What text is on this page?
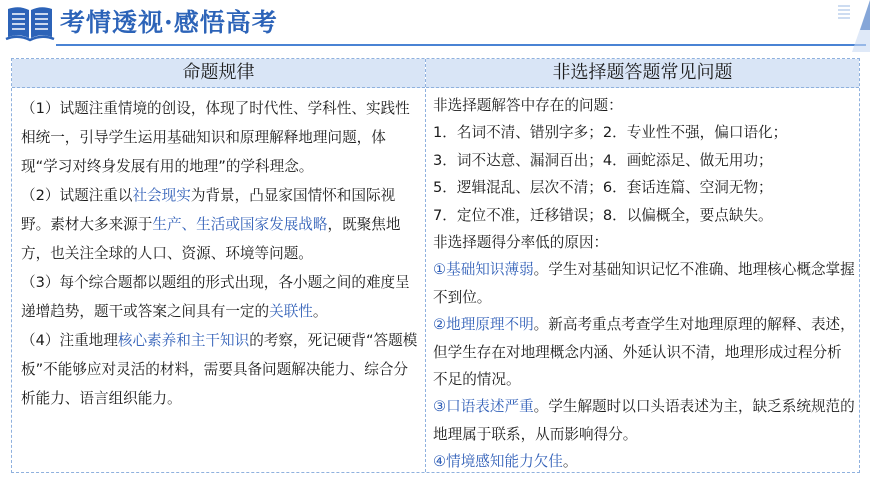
考情透视·感悟高考
命题规律	非选择题答题常见问题

（1）试题注重情境的创设，体现了时代性、学科性、实践性相统一，引导学生运用基础知识和原理解释地理问题，体现“学习对终身发展有用的地理”的学科理念。

（2）试题注重以社会现实为背景，凸显家国情怀和国际视野。素材大多来源于生产、生活或国家发展战略，既聚焦地方，也关注全球的人口、资源、环境等问题。

（3）每个综合题都以题组的形式出现，各小题之间的难度呈递增趋势，题干或答案之间具有一定的关联性。

（4）注重地理核心素养和主干知识的考察，死记硬背“答题模板”不能够应对灵活的材料，需要具备问题解决能力、综合分析能力、语言组织能力。

非选择题解答中存在的问题：

1．名词不清、错别字多；2．专业性不强，偏口语化；

3．词不达意、漏洞百出；4．画蛇添足、做无用功；

5．逻辑混乱、层次不清；6．套话连篇、空洞无物；

7．定位不准，迁移错误；8．以偏概全，要点缺失。

非选择题得分率低的原因：

①基础知识薄弱。学生对基础知识记忆不准确、地理核心概念掌握不到位。

②地理原理不明。新高考重点考查学生对地理原理的解释、表述，但学生存在对地理概念内涵、外延认识不清，地理形成过程分析不足的情况。

③口语表述严重。学生解题时以口头语表述为主，缺乏系统规范的地理属于联系，从而影响得分。

④情境感知能力欠佳。
